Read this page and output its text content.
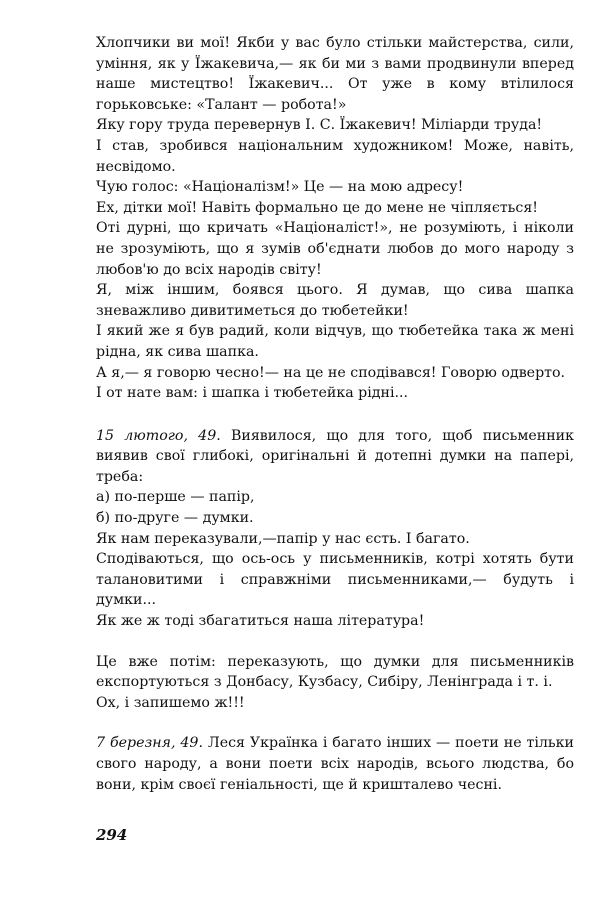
Хлопчики ви мої! Якби у вас було стільки майстерства, сили, уміння, як у Їжакевича,— як би ми з вами продвинули вперед наше мистецтво! Їжакевич... От уже в кому втілилося горьковське: «Талант — робота!»

Яку гору труда перевернув І. С. Їжакевич! Міліарди труда!

І став, зробився національним художником! Може, навіть, несвідомо.

Чую голос: «Націоналізм!» Це — на мою адресу!

Ех, дітки мої! Навіть формально це до мене не чіпляється!

Оті дурні, що кричать «Націоналіст!», не розуміють, і ніколи не зрозуміють, що я зумів об'єднати любов до мого народу з любов'ю до всіх народів світу!

Я, між іншим, боявся цього. Я думав, що сива шапка зневажливо дивитиметься до тюбетейки!

І який же я був радий, коли відчув, що тюбетейка така ж мені рідна, як сива шапка.

А я,— я говорю чесно!— на це не сподівався! Говорю одверто.

І от нате вам: і шапка і тюбетейка рідні...

15 лютого, 49. Виявилося, що для того, щоб письменник виявив свої глибокі, оригінальні й дотепні думки на папері, треба:

а) по-перше — папір,

б) по-друге — думки.

Як нам переказували,—папір у нас єсть. І багато.

Сподіваються, що ось-ось у письменників, котрі хотять бути талановитими і справжніми письменниками,— будуть і думки...

Як же ж тоді збагатиться наша література!

Це вже потім: переказують, що думки для письменників експортуються з Донбасу, Кузбасу, Сибіру, Ленінграда і т. і.

Ох, і запишемо ж!!!

7 березня, 49. Леся Українка і багато інших — поети не тільки свого народу, а вони поети всіх народів, всього людства, бо вони, крім своєї геніальності, ще й кришталево чесні.

294
